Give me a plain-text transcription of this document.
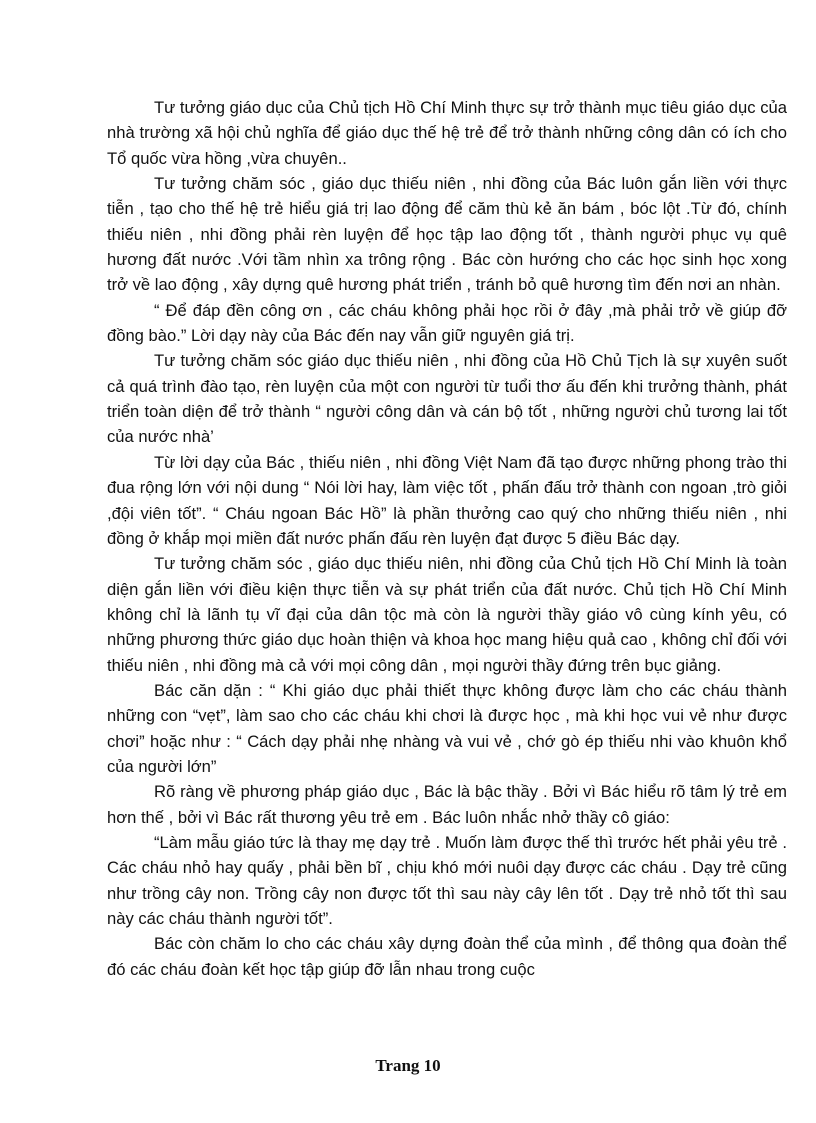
Tư tưởng giáo dục của Chủ tịch Hồ Chí Minh thực sự trở thành mục tiêu giáo dục của nhà trường xã hội chủ nghĩa để giáo dục thế hệ trẻ để trở thành những công dân có ích cho Tổ quốc vừa hồng ,vừa chuyên..

Tư tưởng chăm sóc , giáo dục thiếu niên , nhi đồng của Bác luôn gắn liền với thực tiễn , tạo cho thế hệ trẻ hiểu giá trị lao động để căm thù kẻ ăn bám , bóc lột .Từ đó, chính thiếu niên , nhi đồng phải rèn luyện để học tập lao động tốt , thành người phục vụ quê hương đất nước .Với tầm nhìn xa trông rộng . Bác còn hướng cho các học sinh học xong trở về lao động , xây dựng quê hương phát triển , tránh bỏ quê hương tìm đến nơi an nhàn.

“ Để đáp đền công ơn , các cháu không phải học rồi ở đây ,mà phải trở về giúp đỡ đồng bào.” Lời dạy này của Bác đến nay vẫn giữ nguyên giá trị.

Tư tưởng chăm sóc giáo dục thiếu niên , nhi đồng của Hồ Chủ Tịch là sự xuyên suốt cả quá trình đào tạo, rèn luyện của một con người từ tuổi thơ ấu đến khi trưởng thành, phát triển toàn diện để trở thành “ người công dân và cán bộ tốt , những người chủ tương lai tốt của nước nhà’

Từ lời dạy của Bác , thiếu niên , nhi đồng Việt Nam đã tạo được những phong trào thi đua rộng lớn với nội dung “ Nói lời hay, làm việc tốt , phấn đấu trở thành con ngoan ,trò giỏi ,đội viên tốt”. “ Cháu ngoan Bác Hồ” là phần thưởng cao quý cho những thiếu niên , nhi đồng ở khắp mọi miền đất nước phấn đấu rèn luyện đạt được 5 điều Bác dạy.

Tư tưởng chăm sóc , giáo dục thiếu niên, nhi đồng của Chủ tịch Hồ Chí Minh là toàn diện gắn liền với điều kiện thực tiễn và sự phát triển của đất nước. Chủ tịch Hồ Chí Minh không chỉ là lãnh tụ vĩ đại của dân tộc mà còn là người thầy giáo vô cùng kính yêu, có những phương thức giáo dục hoàn thiện và khoa học mang hiệu quả cao , không chỉ đối với thiếu niên , nhi đồng mà cả với mọi công dân , mọi người thầy đứng trên bục giảng.

Bác căn dặn : “ Khi giáo dục phải thiết thực không được làm cho các cháu thành những con “vẹt”, làm sao cho các cháu khi chơi là được học , mà khi học vui vẻ như được chơi” hoặc như : “ Cách dạy phải nhẹ nhàng và vui vẻ , chớ gò ép thiếu nhi vào khuôn khổ của người lớn”

Rõ ràng về phương pháp giáo dục , Bác là bậc thầy . Bởi vì Bác hiểu rõ tâm lý trẻ em hơn thế , bởi vì Bác rất thương yêu trẻ em . Bác luôn nhắc nhở thầy cô giáo:

“Làm mẫu giáo tức là thay mẹ dạy trẻ . Muốn làm được thế thì trước hết phải yêu trẻ . Các cháu nhỏ hay quấy , phải bền bĩ , chịu khó mới nuôi dạy được các cháu . Dạy trẻ cũng như trồng cây non. Trồng cây non được tốt thì sau này cây lên tốt . Dạy trẻ nhỏ tốt thì sau này các cháu thành người tốt”.

Bác còn chăm lo cho các cháu xây dựng đoàn thể của mình , để thông qua đoàn thể đó các cháu đoàn kết học tập giúp đỡ lẫn nhau trong cuộc

Trang 10
